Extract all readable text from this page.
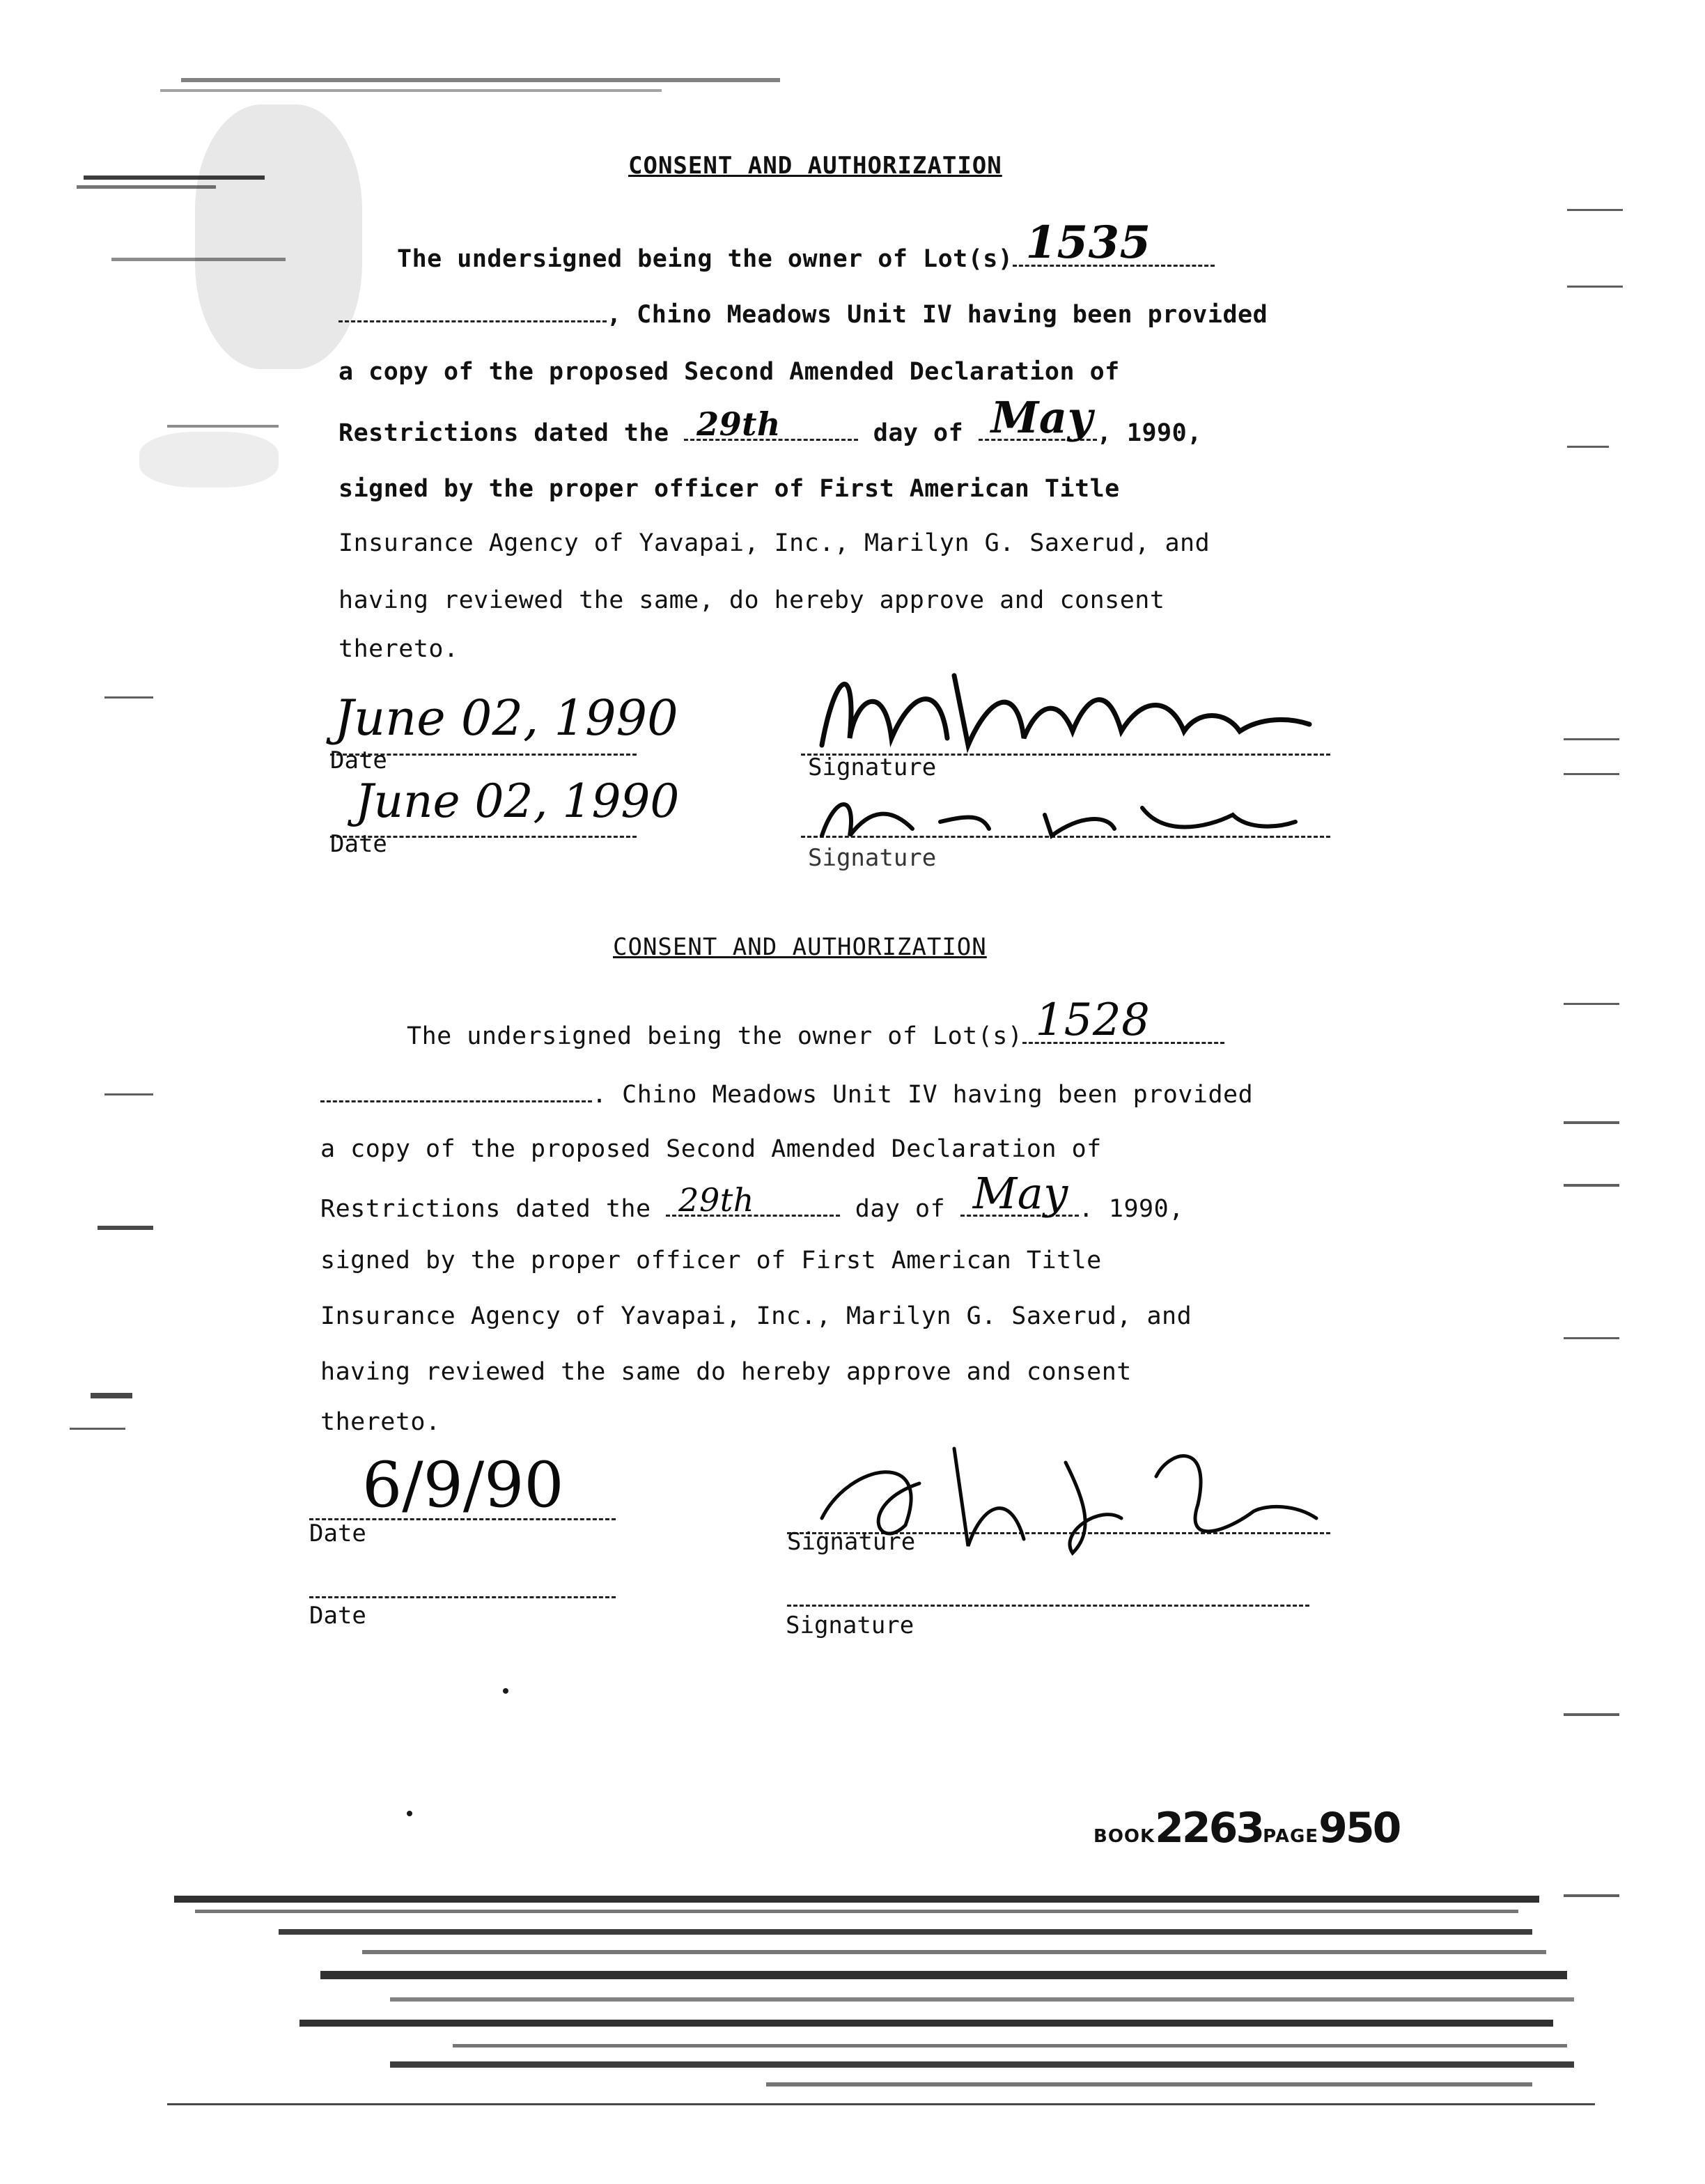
CONSENT AND AUTHORIZATION
The undersigned being the owner of Lot(s) 1535
, Chino Meadows Unit IV having been provided
a copy of the proposed Second Amended Declaration of
Restrictions dated the 29th	day of May , 1990,
signed by the proper officer of First American Title
Insurance Agency of Yavapai, Inc., Marilyn G. Saxerud, and
having reviewed the same, do hereby approve and consent
thereto.
June 02, 1990
Date	Signature
June 02, 1990
Date	Signature
CONSENT AND AUTHORIZATION
The undersigned being the owner of Lot(s) 1528
. Chino Meadows Unit IV having been provided
a copy of the proposed Second Amended Declaration of
Restrictions dated the 29th	day of May . 1990,
signed by the proper officer of First American Title
Insurance Agency of Yavapai, Inc., Marilyn G. Saxerud, and
having reviewed the same do hereby approve and consent
thereto.
6/9/90
Date	Signature
Date	Signature
BOOK2263PAGE950
